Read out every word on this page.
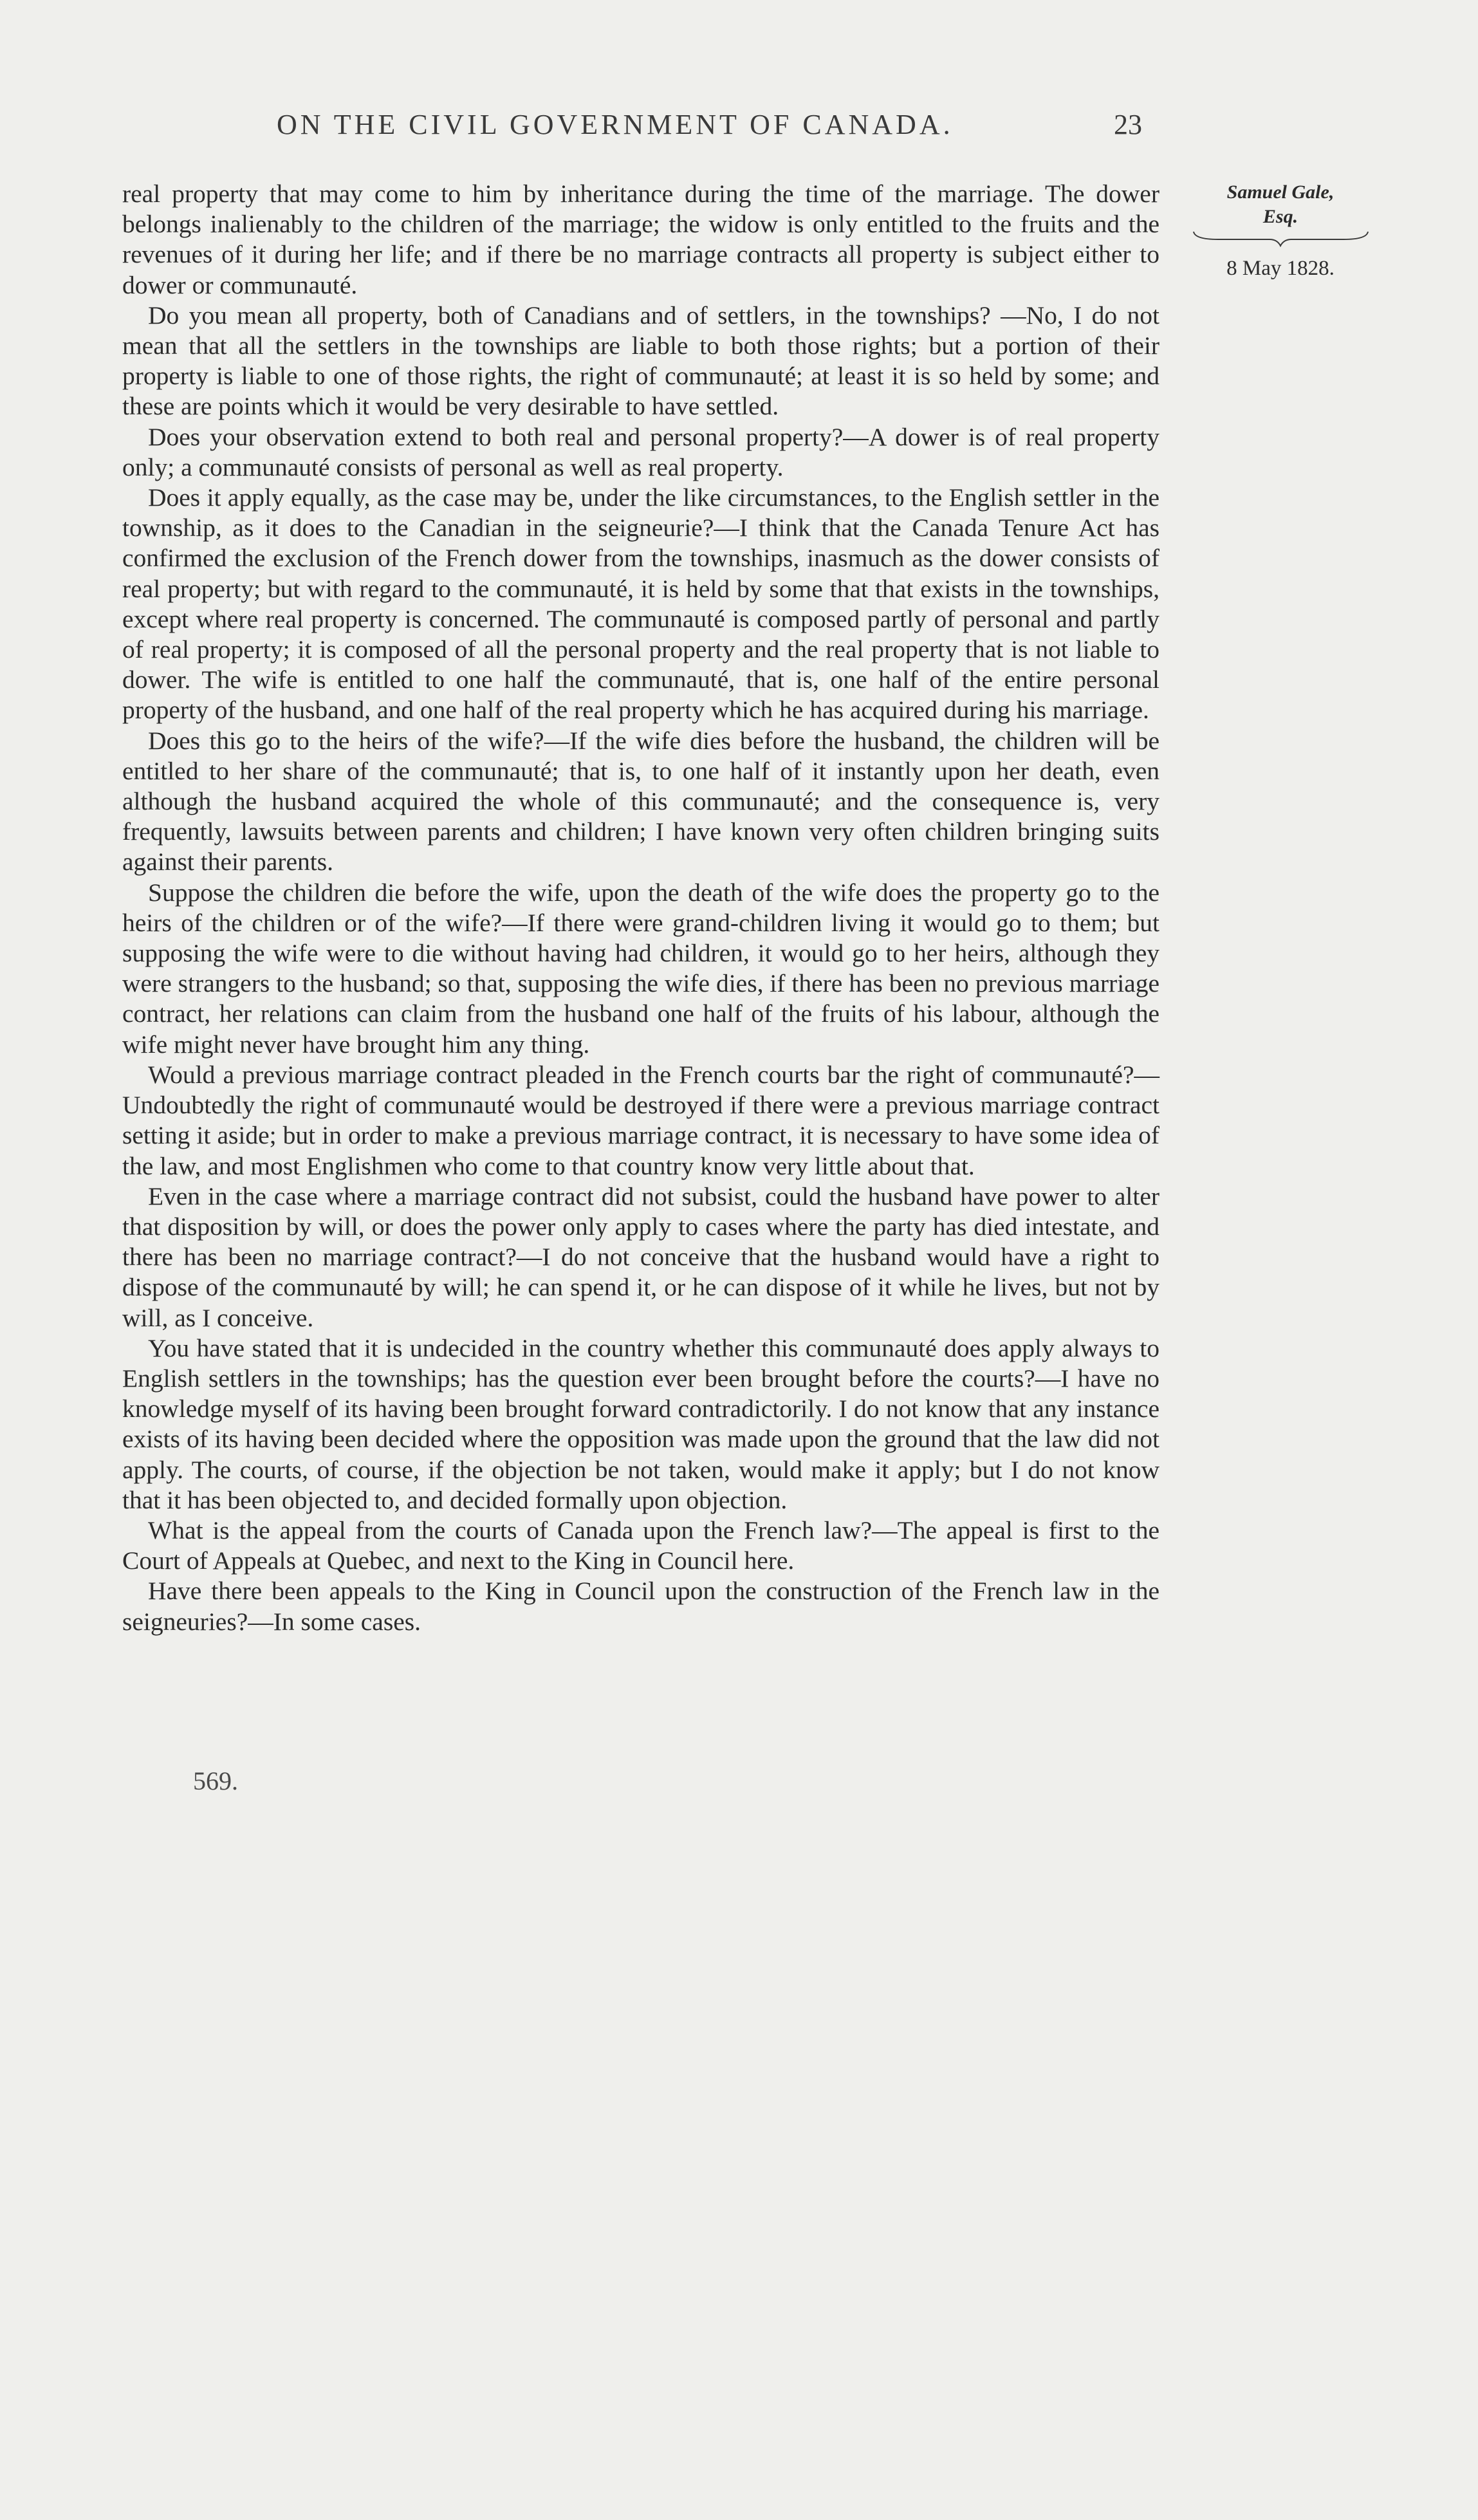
ON THE CIVIL GOVERNMENT OF CANADA.	23
Samuel Gale,
Esq.
8 May 1828.

real property that may come to him by inheritance during the time of the marriage. The dower belongs inalienably to the children of the marriage; the widow is only entitled to the fruits and the revenues of it during her life; and if there be no marriage contracts all property is subject either to dower or communauté.

Do you mean all property, both of Canadians and of settlers, in the townships? —No, I do not mean that all the settlers in the townships are liable to both those rights; but a portion of their property is liable to one of those rights, the right of communauté; at least it is so held by some; and these are points which it would be very desirable to have settled.

Does your observation extend to both real and personal property?—A dower is of real property only; a communauté consists of personal as well as real property.

Does it apply equally, as the case may be, under the like circumstances, to the English settler in the township, as it does to the Canadian in the seigneurie?—I think that the Canada Tenure Act has confirmed the exclusion of the French dower from the townships, inasmuch as the dower consists of real property; but with regard to the communauté, it is held by some that that exists in the townships, except where real property is concerned. The communauté is composed partly of personal and partly of real property; it is composed of all the personal property and the real property that is not liable to dower. The wife is entitled to one half the communauté, that is, one half of the entire personal property of the husband, and one half of the real property which he has acquired during his marriage.

Does this go to the heirs of the wife?—If the wife dies before the husband, the children will be entitled to her share of the communauté; that is, to one half of it instantly upon her death, even although the husband acquired the whole of this communauté; and the consequence is, very frequently, lawsuits between parents and children; I have known very often children bringing suits against their parents.

Suppose the children die before the wife, upon the death of the wife does the property go to the heirs of the children or of the wife?—If there were grand-children living it would go to them; but supposing the wife were to die without having had children, it would go to her heirs, although they were strangers to the husband; so that, supposing the wife dies, if there has been no previous marriage contract, her relations can claim from the husband one half of the fruits of his labour, although the wife might never have brought him any thing.

Would a previous marriage contract pleaded in the French courts bar the right of communauté?—Undoubtedly the right of communauté would be destroyed if there were a previous marriage contract setting it aside; but in order to make a previous marriage contract, it is necessary to have some idea of the law, and most Englishmen who come to that country know very little about that.

Even in the case where a marriage contract did not subsist, could the husband have power to alter that disposition by will, or does the power only apply to cases where the party has died intestate, and there has been no marriage contract?—I do not conceive that the husband would have a right to dispose of the communauté by will; he can spend it, or he can dispose of it while he lives, but not by will, as I conceive.

You have stated that it is undecided in the country whether this communauté does apply always to English settlers in the townships; has the question ever been brought before the courts?—I have no knowledge myself of its having been brought forward contradictorily. I do not know that any instance exists of its having been decided where the opposition was made upon the ground that the law did not apply. The courts, of course, if the objection be not taken, would make it apply; but I do not know that it has been objected to, and decided formally upon objection.

What is the appeal from the courts of Canada upon the French law?—The appeal is first to the Court of Appeals at Quebec, and next to the King in Council here.

Have there been appeals to the King in Council upon the construction of the French law in the seigneuries?—In some cases.

569.
